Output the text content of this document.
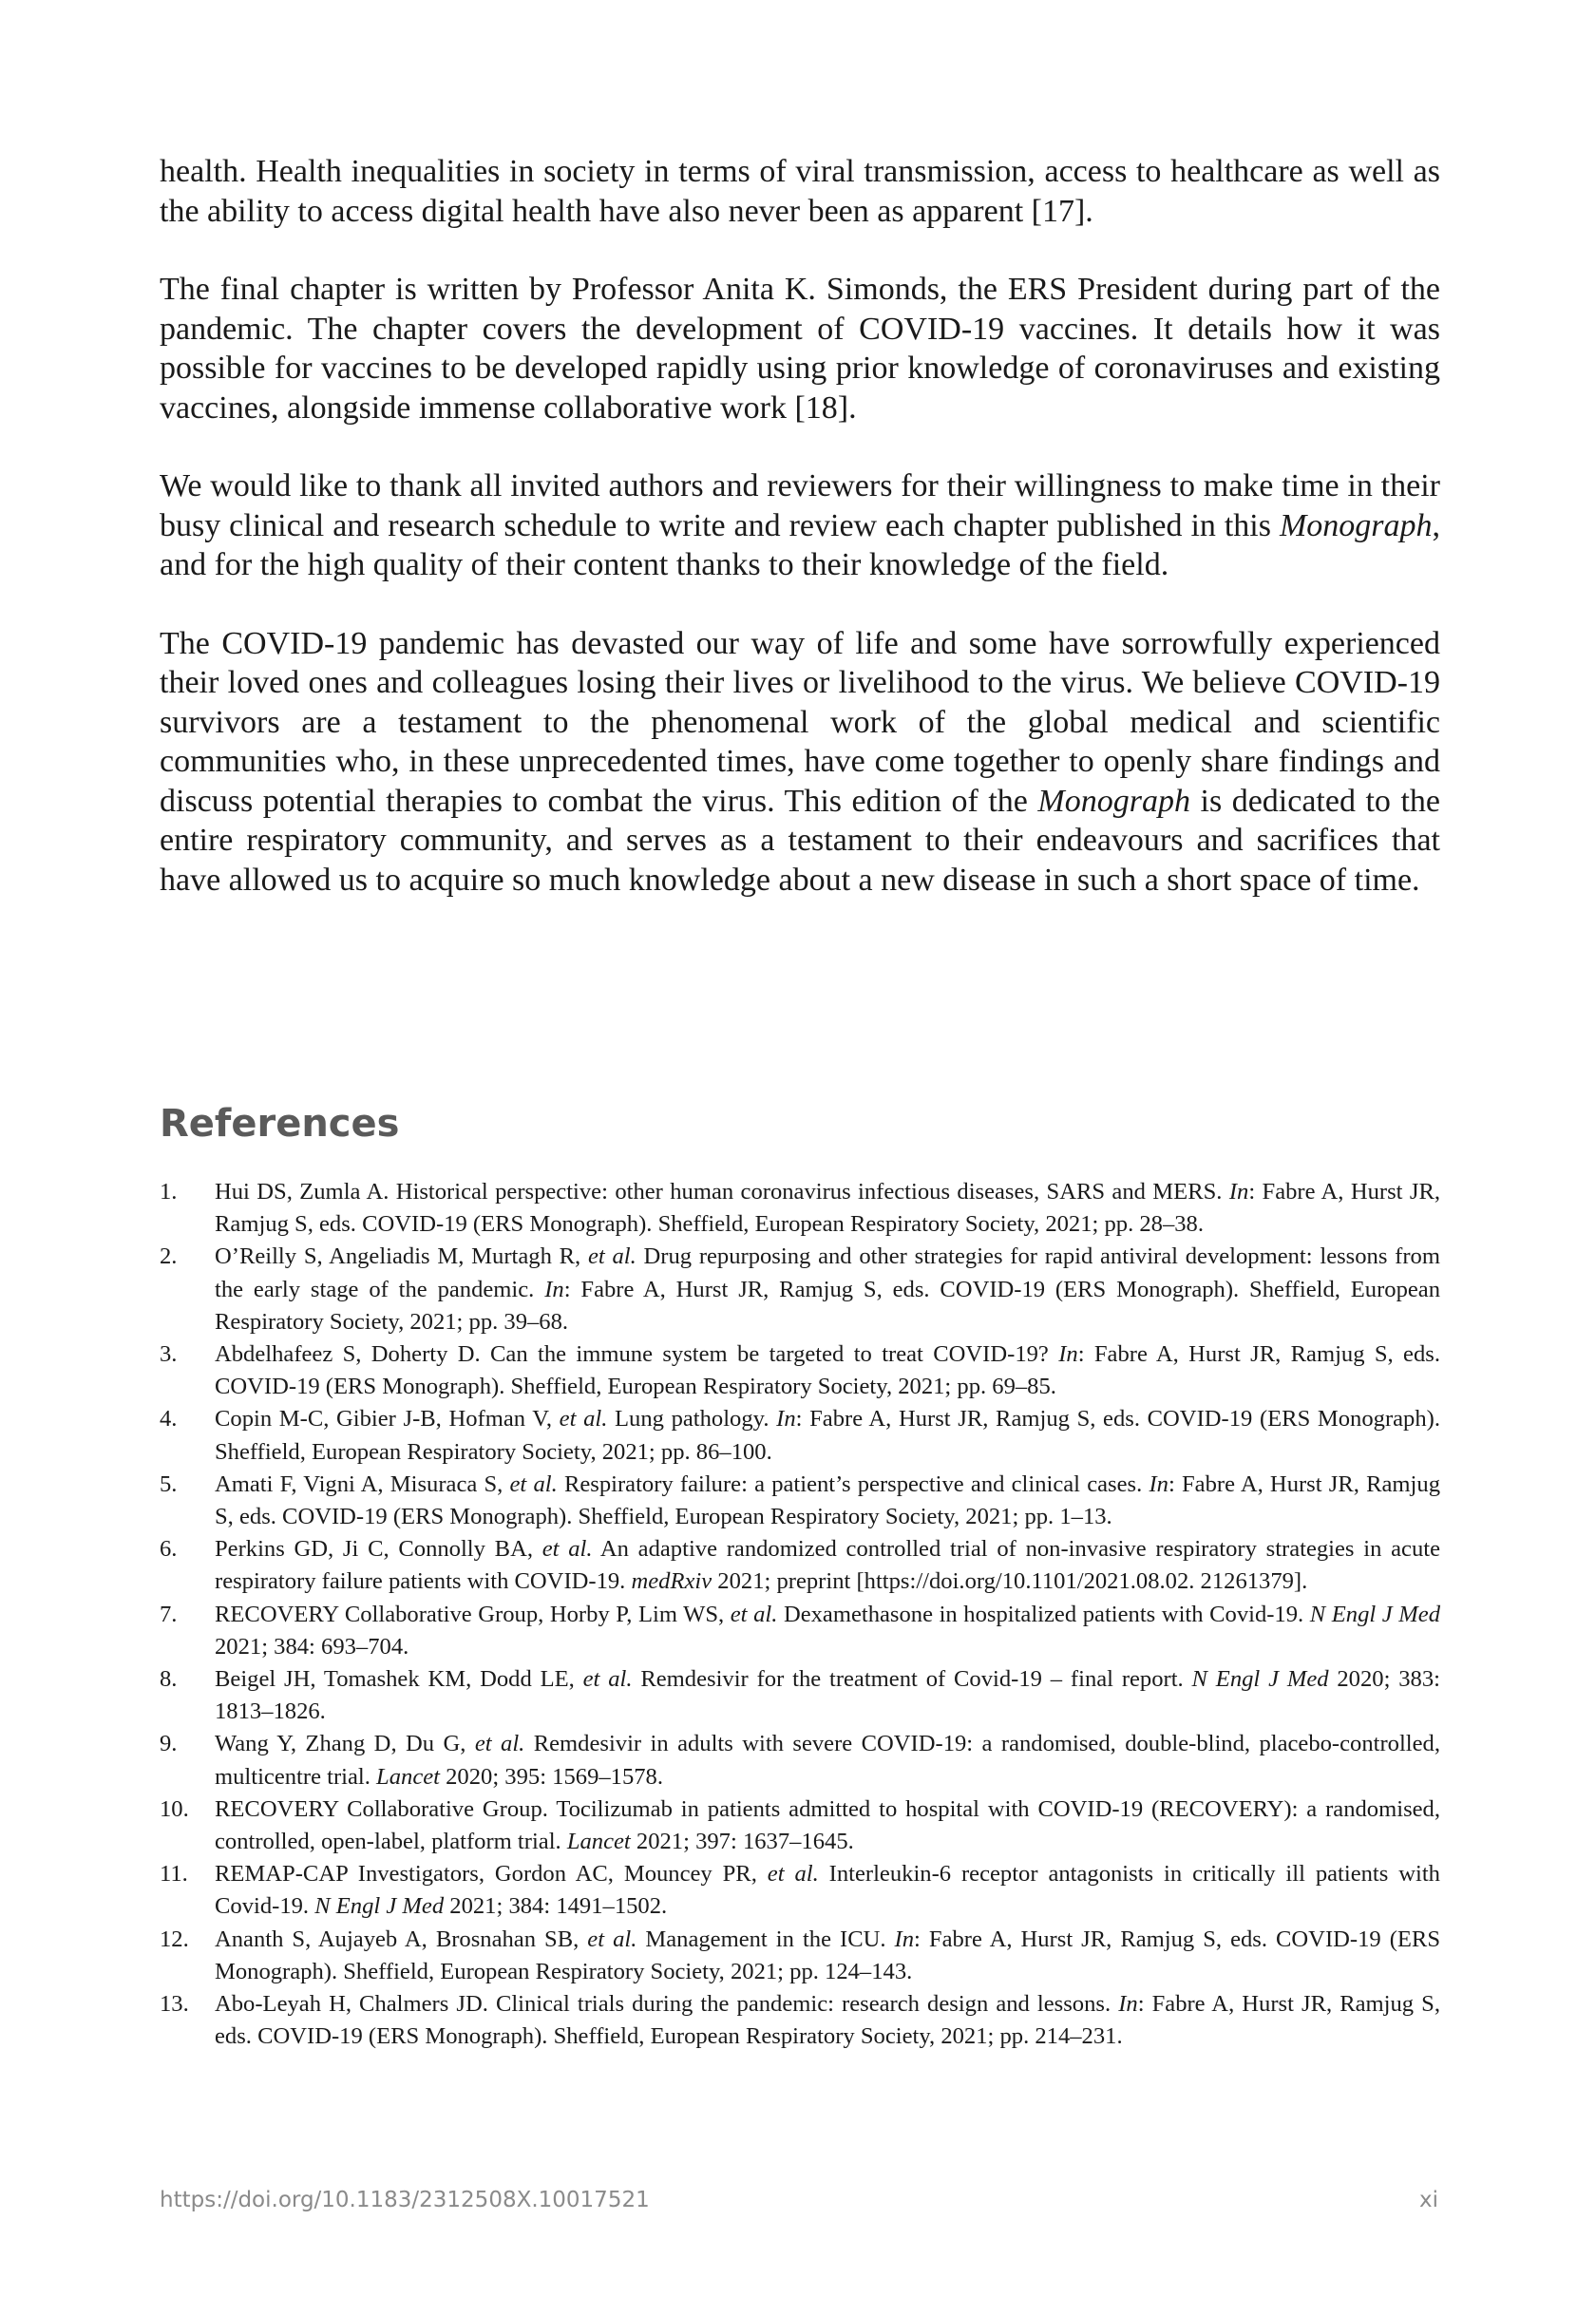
health. Health inequalities in society in terms of viral transmission, access to healthcare as well as the ability to access digital health have also never been as apparent [17].

The final chapter is written by Professor Anita K. Simonds, the ERS President during part of the pandemic. The chapter covers the development of COVID-19 vaccines. It details how it was possible for vaccines to be developed rapidly using prior knowledge of coronaviruses and existing vaccines, alongside immense collaborative work [18].

We would like to thank all invited authors and reviewers for their willingness to make time in their busy clinical and research schedule to write and review each chapter published in this Monograph, and for the high quality of their content thanks to their knowledge of the field.

The COVID-19 pandemic has devasted our way of life and some have sorrowfully experienced their loved ones and colleagues losing their lives or livelihood to the virus. We believe COVID-19 survivors are a testament to the phenomenal work of the global medical and scientific communities who, in these unprecedented times, have come together to openly share findings and discuss potential therapies to combat the virus. This edition of the Monograph is dedicated to the entire respiratory community, and serves as a testament to their endeavours and sacrifices that have allowed us to acquire so much knowledge about a new disease in such a short space of time.

References
1.	Hui DS, Zumla A. Historical perspective: other human coronavirus infectious diseases, SARS and MERS. In: Fabre A, Hurst JR, Ramjug S, eds. COVID-19 (ERS Monograph). Sheffield, European Respiratory Society, 2021; pp. 28–38.
2.	O’Reilly S, Angeliadis M, Murtagh R, et al. Drug repurposing and other strategies for rapid antiviral development: lessons from the early stage of the pandemic. In: Fabre A, Hurst JR, Ramjug S, eds. COVID-19 (ERS Monograph). Sheffield, European Respiratory Society, 2021; pp. 39–68.
3.	Abdelhafeez S, Doherty D. Can the immune system be targeted to treat COVID-19? In: Fabre A, Hurst JR, Ramjug S, eds. COVID-19 (ERS Monograph). Sheffield, European Respiratory Society, 2021; pp. 69–85.
4.	Copin M-C, Gibier J-B, Hofman V, et al. Lung pathology. In: Fabre A, Hurst JR, Ramjug S, eds. COVID-19 (ERS Monograph). Sheffield, European Respiratory Society, 2021; pp. 86–100.
5.	Amati F, Vigni A, Misuraca S, et al. Respiratory failure: a patient’s perspective and clinical cases. In: Fabre A, Hurst JR, Ramjug S, eds. COVID-19 (ERS Monograph). Sheffield, European Respiratory Society, 2021; pp. 1–13.
6.	Perkins GD, Ji C, Connolly BA, et al. An adaptive randomized controlled trial of non-invasive respiratory strategies in acute respiratory failure patients with COVID-19. medRxiv 2021; preprint [https://doi.org/10.1101/2021.08.02. 21261379].
7.	RECOVERY Collaborative Group, Horby P, Lim WS, et al. Dexamethasone in hospitalized patients with Covid-19. N Engl J Med 2021; 384: 693–704.
8.	Beigel JH, Tomashek KM, Dodd LE, et al. Remdesivir for the treatment of Covid-19 – final report. N Engl J Med 2020; 383: 1813–1826.
9.	Wang Y, Zhang D, Du G, et al. Remdesivir in adults with severe COVID-19: a randomised, double-blind, placebo-controlled, multicentre trial. Lancet 2020; 395: 1569–1578.
10.	RECOVERY Collaborative Group. Tocilizumab in patients admitted to hospital with COVID-19 (RECOVERY): a randomised, controlled, open-label, platform trial. Lancet 2021; 397: 1637–1645.
11.	REMAP-CAP Investigators, Gordon AC, Mouncey PR, et al. Interleukin-6 receptor antagonists in critically ill patients with Covid-19. N Engl J Med 2021; 384: 1491–1502.
12.	Ananth S, Aujayeb A, Brosnahan SB, et al. Management in the ICU. In: Fabre A, Hurst JR, Ramjug S, eds. COVID-19 (ERS Monograph). Sheffield, European Respiratory Society, 2021; pp. 124–143.
13.	Abo-Leyah H, Chalmers JD. Clinical trials during the pandemic: research design and lessons. In: Fabre A, Hurst JR, Ramjug S, eds. COVID-19 (ERS Monograph). Sheffield, European Respiratory Society, 2021; pp. 214–231.
https://doi.org/10.1183/2312508X.10017521	xi
